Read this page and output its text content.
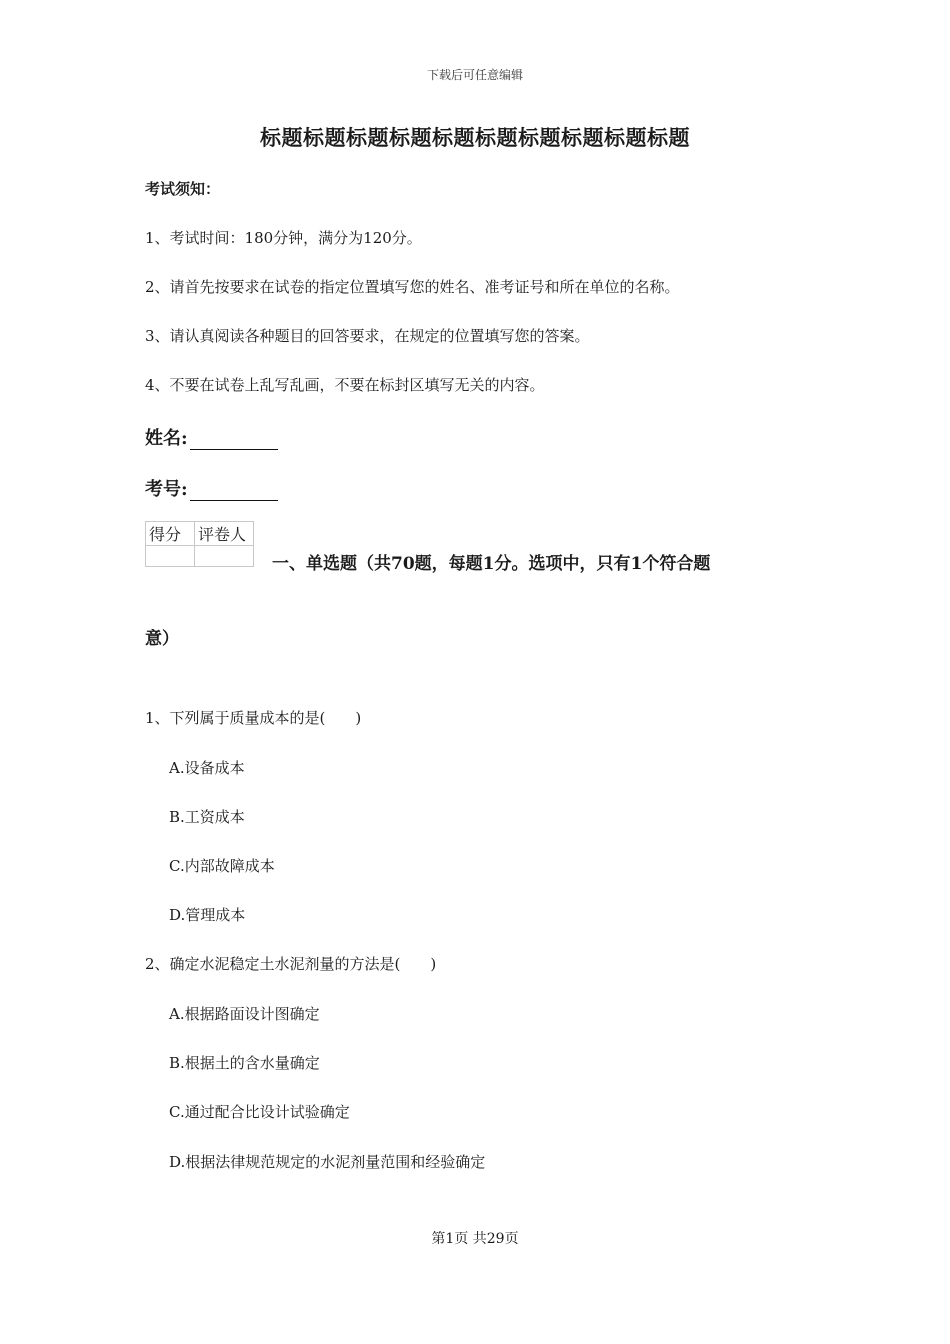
下载后可任意编辑
标题标题标题标题标题标题标题标题标题标题
考试须知：
1、考试时间：180分钟，满分为120分。
2、请首先按要求在试卷的指定位置填写您的姓名、准考证号和所在单位的名称。
3、请认真阅读各种题目的回答要求，在规定的位置填写您的答案。
4、不要在试卷上乱写乱画，不要在标封区填写无关的内容。
姓名:
考号:
得分	评卷人

一、单选题（共70题，每题1分。选项中，只有1个符合题
意）
1、下列属于质量成本的是(　　)
A.设备成本
B.工资成本
C.内部故障成本
D.管理成本
2、确定水泥稳定土水泥剂量的方法是(　　)
A.根据路面设计图确定
B.根据土的含水量确定
C.通过配合比设计试验确定
D.根据法律规范规定的水泥剂量范围和经验确定
第1页 共29页
